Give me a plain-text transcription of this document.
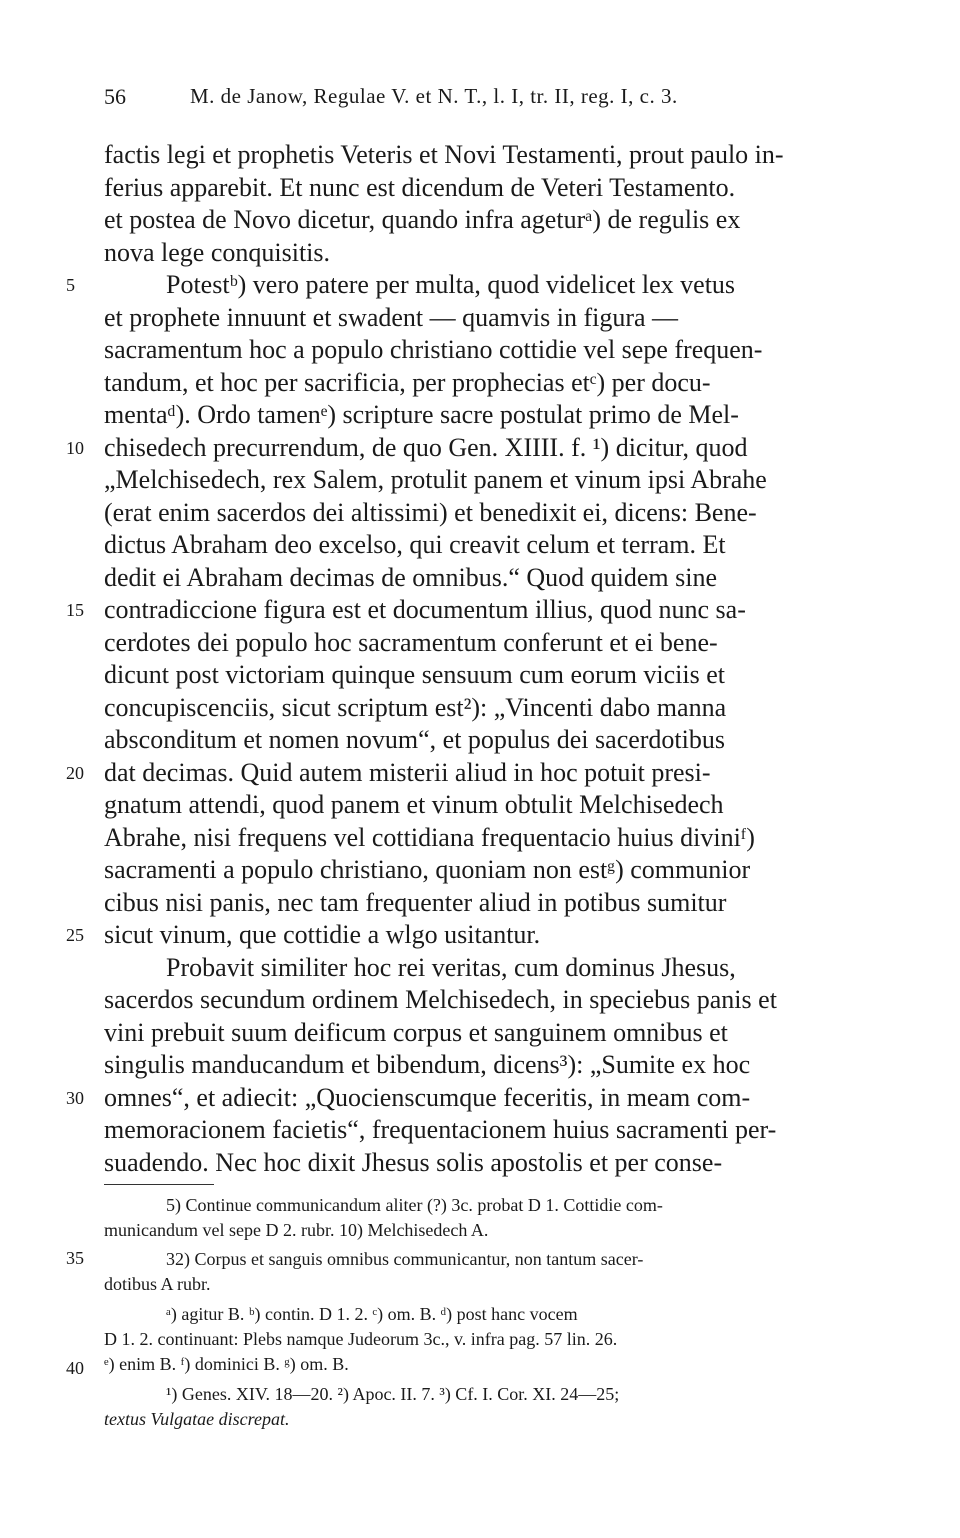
56	M. de Janow, Regulae V. et N. T., l. I, tr. II, reg. I, c. 3.
factis legi et prophetis Veteris et Novi Testamenti, prout paulo in-
ferius apparebit. Et nunc est dicendum de Veteri Testamento.
et postea de Novo dicetur, quando infra ageturᵃ) de regulis ex
nova lege conquisitis.
Potestᵇ) vero patere per multa, quod videlicet lex vetus
et prophete innuunt et swadent — quamvis in figura —
sacramentum hoc a populo christiano cottidie vel sepe frequen-
tandum, et hoc per sacrificia, per prophecias etᶜ) per docu-
mentaᵈ). Ordo tamenᵉ) scripture sacre postulat primo de Mel-
chisedech precurrendum, de quo Gen. XIIII. f. ¹) dicitur, quod
„Melchisedech, rex Salem, protulit panem et vinum ipsi Abrahe
(erat enim sacerdos dei altissimi) et benedixit ei, dicens: Bene-
dictus Abraham deo excelso, qui creavit celum et terram. Et
dedit ei Abraham decimas de omnibus.“ Quod quidem sine
contradiccione figura est et documentum illius, quod nunc sa-
cerdotes dei populo hoc sacramentum conferunt et ei bene-
dicunt post victoriam quinque sensuum cum eorum viciis et
concupiscenciis, sicut scriptum est²): „Vincenti dabo manna
absconditum et nomen novum“, et populus dei sacerdotibus
dat decimas. Quid autem misterii aliud in hoc potuit presi-
gnatum attendi, quod panem et vinum obtulit Melchisedech
Abrahe, nisi frequens vel cottidiana frequentacio huius diviniᶠ)
sacramenti a populo christiano, quoniam non estᵍ) communior
cibus nisi panis, nec tam frequenter aliud in potibus sumitur
sicut vinum, que cottidie a wlgo usitantur.
Probavit similiter hoc rei veritas, cum dominus Jhesus,
sacerdos secundum ordinem Melchisedech, in speciebus panis et
vini prebuit suum deificum corpus et sanguinem omnibus et
singulis manducandum et bibendum, dicens³): „Sumite ex hoc
omnes“, et adiecit: „Quocienscumque feceritis, in meam com-
memoracionem facietis“, frequentacionem huius sacramenti per-
suadendo. Nec hoc dixit Jhesus solis apostolis et per conse-
5
10
15
20
25
30
35
40
5) Continue communicandum aliter (?) 3c. probat D 1. Cottidie com-
municandum vel sepe D 2. rubr. 10) Melchisedech A.
32) Corpus et sanguis omnibus communicantur, non tantum sacer-
dotibus A rubr.
ᵃ) agitur B. ᵇ) contin. D 1. 2. ᶜ) om. B. ᵈ) post hanc vocem
D 1. 2. continuant: Plebs namque Judeorum 3c., v. infra pag. 57 lin. 26.
ᵉ) enim B. ᶠ) dominici B. ᵍ) om. B.
¹) Genes. XIV. 18—20. ²) Apoc. II. 7. ³) Cf. I. Cor. XI. 24—25;
textus Vulgatae discrepat.
